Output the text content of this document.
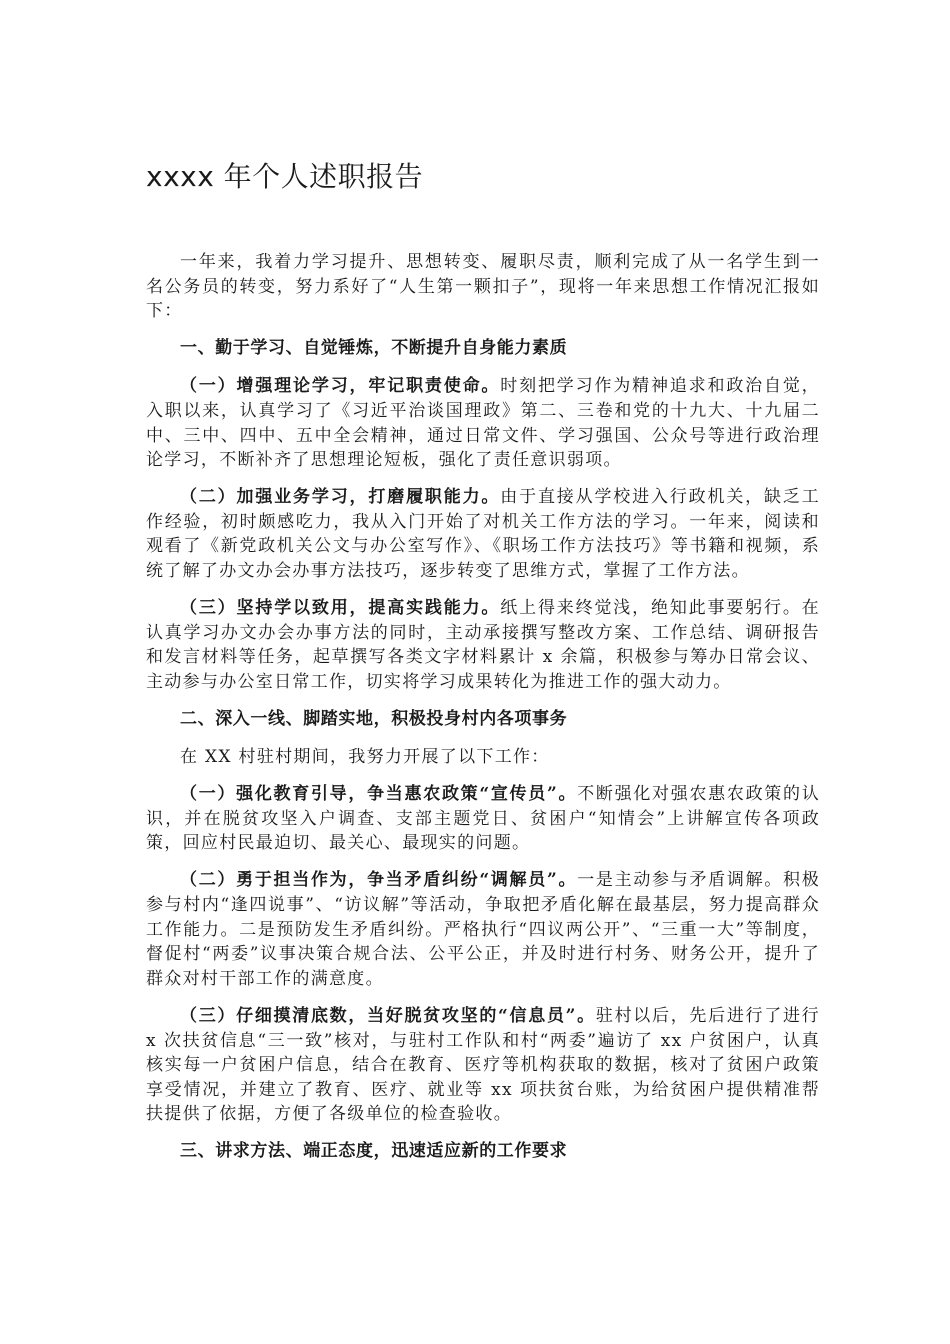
xxxx 年个人述职报告

一年来，我着力学习提升、思想转变、履职尽责，顺利完成了从一名学生到一名公务员的转变，努力系好了“人生第一颗扣子”，现将一年来思想工作情况汇报如下：

一、勤于学习、自觉锤炼，不断提升自身能力素质

（一）增强理论学习，牢记职责使命。时刻把学习作为精神追求和政治自觉，入职以来，认真学习了《习近平治谈国理政》第二、三卷和党的十九大、十九届二中、三中、四中、五中全会精神，通过日常文件、学习强国、公众号等进行政治理论学习，不断补齐了思想理论短板，强化了责任意识弱项。

（二）加强业务学习，打磨履职能力。由于直接从学校进入行政机关，缺乏工作经验，初时颇感吃力，我从入门开始了对机关工作方法的学习。一年来，阅读和观看了《新党政机关公文与办公室写作》、《职场工作方法技巧》等书籍和视频，系统了解了办文办会办事方法技巧，逐步转变了思维方式，掌握了工作方法。

（三）坚持学以致用，提高实践能力。纸上得来终觉浅，绝知此事要躬行。在认真学习办文办会办事方法的同时，主动承接撰写整改方案、工作总结、调研报告和发言材料等任务，起草撰写各类文字材料累计 x 余篇，积极参与筹办日常会议、主动参与办公室日常工作，切实将学习成果转化为推进工作的强大动力。

二、深入一线、脚踏实地，积极投身村内各项事务

在 XX 村驻村期间，我努力开展了以下工作：

（一）强化教育引导，争当惠农政策“宣传员”。不断强化对强农惠农政策的认识，并在脱贫攻坚入户调查、支部主题党日、贫困户“知情会”上讲解宣传各项政策，回应村民最迫切、最关心、最现实的问题。

（二）勇于担当作为，争当矛盾纠纷“调解员”。一是主动参与矛盾调解。积极参与村内“逢四说事”、“访议解”等活动，争取把矛盾化解在最基层，努力提高群众工作能力。二是预防发生矛盾纠纷。严格执行“四议两公开”、“三重一大”等制度，督促村“两委”议事决策合规合法、公平公正，并及时进行村务、财务公开，提升了群众对村干部工作的满意度。

（三）仔细摸清底数，当好脱贫攻坚的“信息员”。驻村以后，先后进行了进行 x 次扶贫信息“三一致”核对，与驻村工作队和村“两委”遍访了 xx 户贫困户，认真核实每一户贫困户信息，结合在教育、医疗等机构获取的数据，核对了贫困户政策享受情况，并建立了教育、医疗、就业等 xx 项扶贫台账，为给贫困户提供精准帮扶提供了依据，方便了各级单位的检查验收。

三、讲求方法、端正态度，迅速适应新的工作要求
